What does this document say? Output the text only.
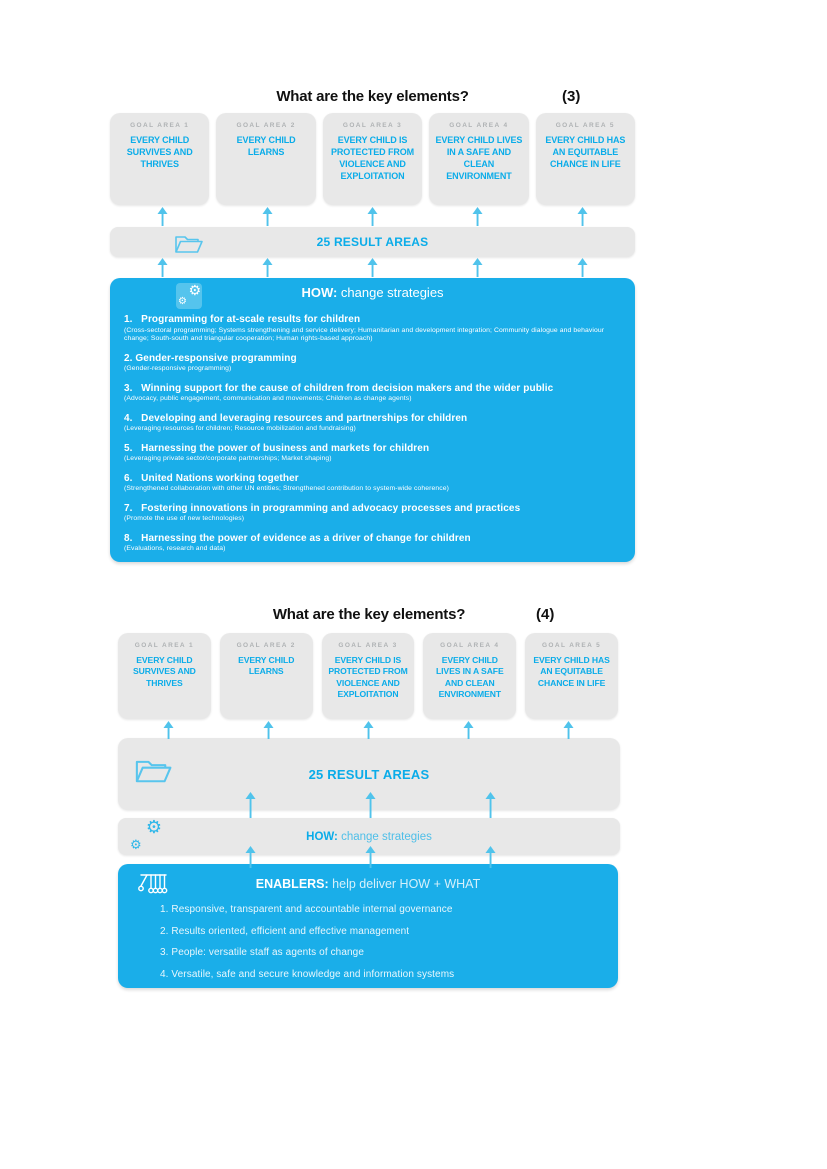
What are the key elements?	(3)
GOAL AREA 1
EVERY CHILD SURVIVES AND THRIVES
GOAL AREA 2
EVERY CHILD LEARNS
GOAL AREA 3
EVERY CHILD IS PROTECTED FROM VIOLENCE AND EXPLOITATION
GOAL AREA 4
EVERY CHILD LIVES IN A SAFE AND CLEAN ENVIRONMENT
GOAL AREA 5
EVERY CHILD HAS AN EQUITABLE CHANCE IN LIFE
25 RESULT AREAS
⚙
⚙
HOW: change strategies
1.   Programming for at-scale results for children
(Cross-sectoral programming; Systems strengthening and service delivery; Humanitarian and development integration; Community dialogue and behaviour change; South-south and triangular cooperation; Human rights-based approach)
2. Gender-responsive programming
(Gender-responsive programming)
3.   Winning support for the cause of children from decision makers and the wider public
(Advocacy, public engagement, communication and movements; Children as change agents)
4.   Developing and leveraging resources and partnerships for children
(Leveraging resources for children; Resource mobilization and fundraising)
5.   Harnessing the power of business and markets for children
(Leveraging private sector/corporate partnerships; Market shaping)
6.   United Nations working together
(Strengthened collaboration with other UN entities; Strengthened contribution to system-wide coherence)
7.   Fostering innovations in programming and advocacy processes and practices
(Promote the use of new technologies)
8.   Harnessing the power of evidence as a driver of change for children
(Evaluations, research and data)
What are the key elements?	(4)
GOAL AREA 1
EVERY CHILD SURVIVES AND THRIVES
GOAL AREA 2
EVERY CHILD LEARNS
GOAL AREA 3
EVERY CHILD IS PROTECTED FROM VIOLENCE AND EXPLOITATION
GOAL AREA 4
EVERY CHILD LIVES IN A SAFE AND CLEAN ENVIRONMENT
GOAL AREA 5
EVERY CHILD HAS AN EQUITABLE CHANCE IN LIFE
25 RESULT AREAS
⚙
⚙
HOW: change strategies
ENABLERS: help deliver HOW + WHAT
1. Responsive, transparent and accountable internal governance
2. Results oriented, efficient and effective management
3. People: versatile staff as agents of change
4. Versatile, safe and secure knowledge and information systems
